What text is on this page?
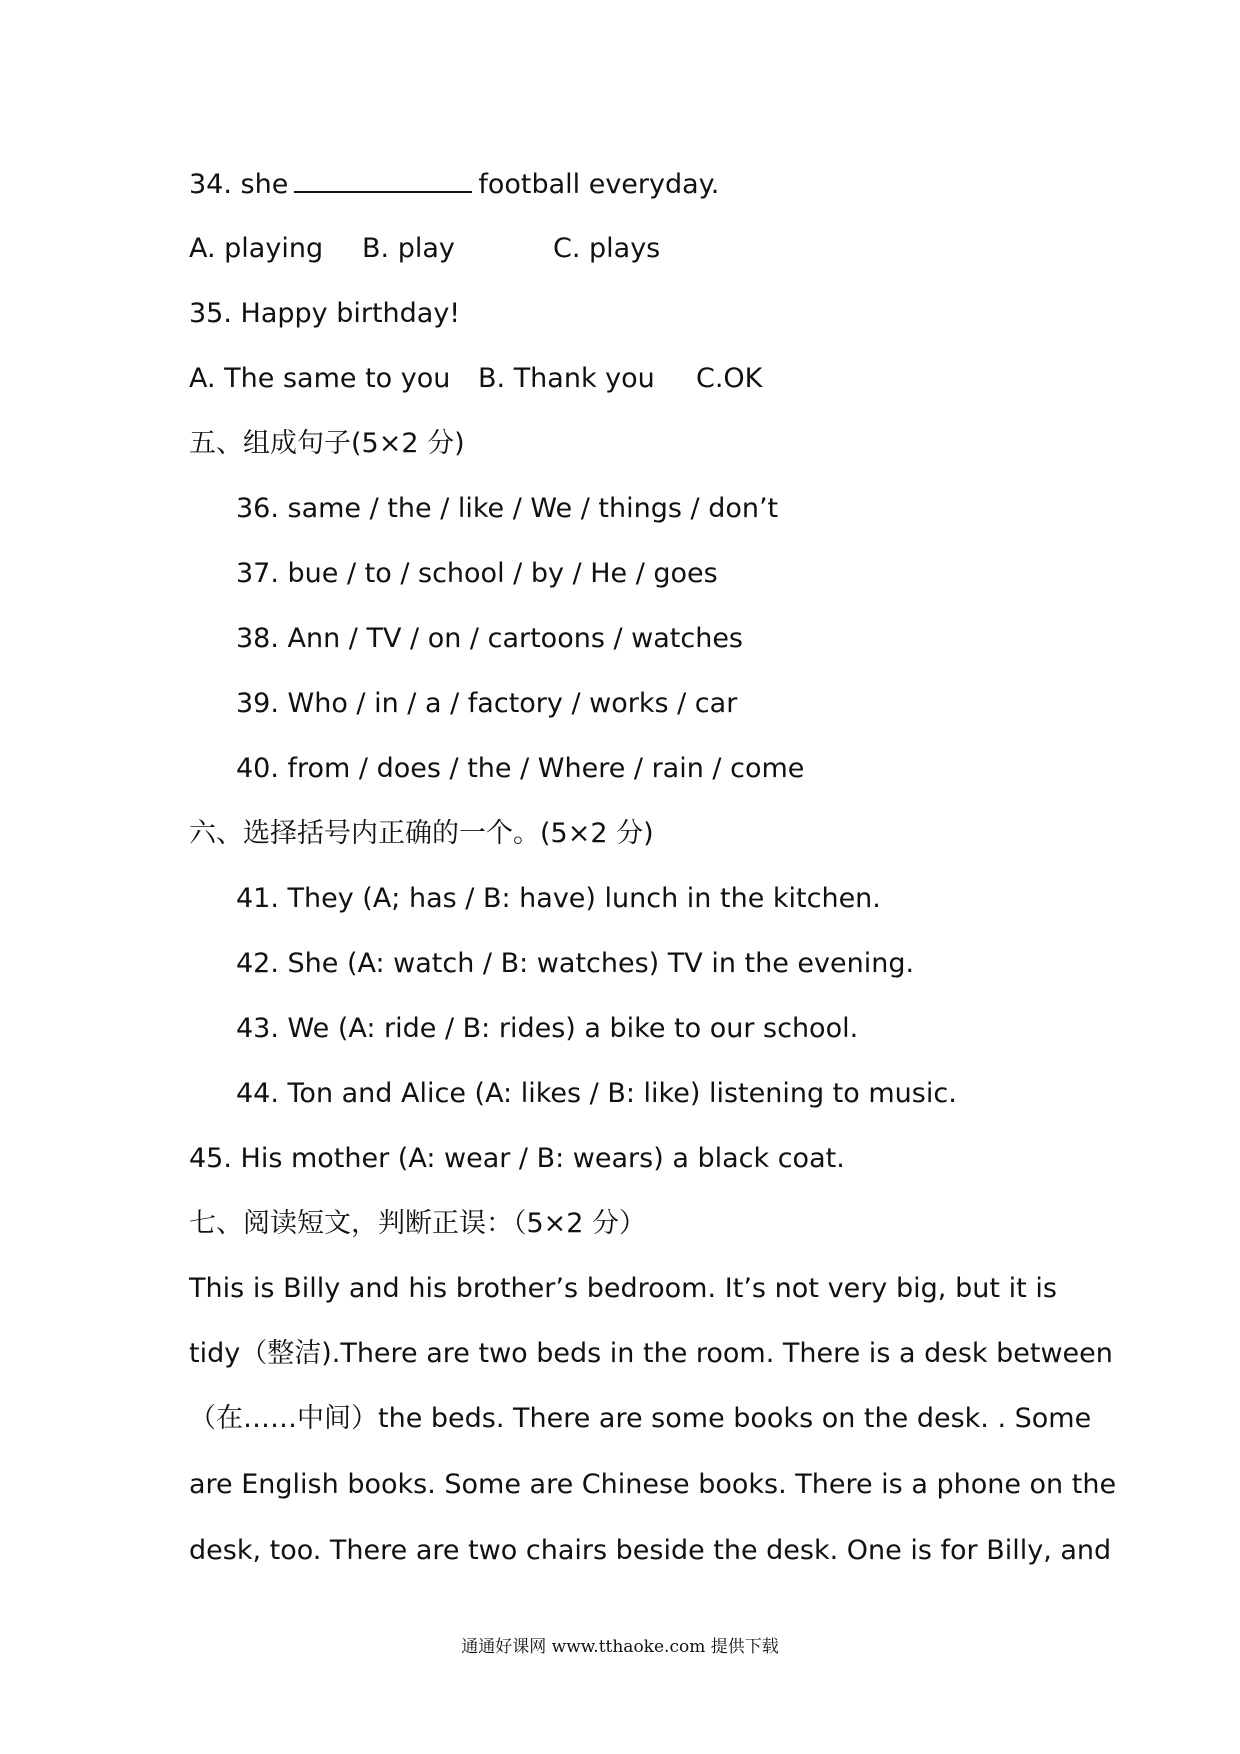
34. she	football everyday.
A. playing B. play	C. plays
35. Happy birthday!
A. The same to you B. Thank you C.OK
五、组成句子(5×2 分)
36. same / the / like / We / things / don’t
37. bue / to / school / by / He / goes
38. Ann / TV / on / cartoons / watches
39. Who / in / a / factory / works / car
40. from / does / the / Where / rain / come
六、选择括号内正确的一个。(5×2 分)
41. They (A; has / B: have) lunch in the kitchen.
42. She (A: watch / B: watches) TV in the evening.
43. We (A: ride / B: rides) a bike to our school.
44. Ton and Alice (A: likes / B: like) listening to music.
45. His mother (A: wear / B: wears) a black coat.
七、阅读短文，判断正误：（5×2 分）
This is Billy and his brother’s bedroom. It’s not very big, but it is
tidy（整洁).There are two beds in the room. There is a desk between
（在……中间）the beds. There are some books on the desk. . Some
are English books. Some are Chinese books. There is a phone on the
desk, too. There are two chairs beside the desk. One is for Billy, and
通通好课网 www.tthaoke.com 提供下载
